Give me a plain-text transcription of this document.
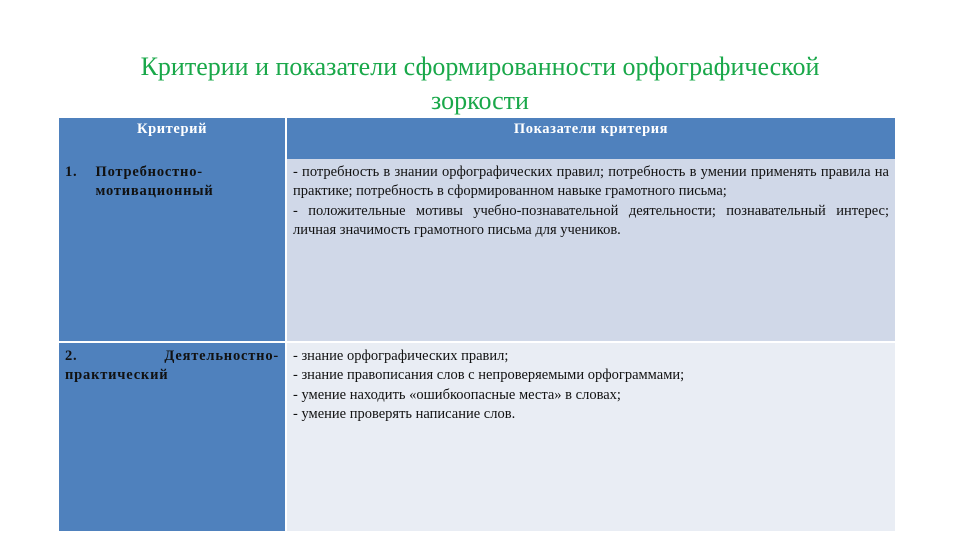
Критерии и показатели сформированности орфографической
зоркости
Критерий	Показатели критерия

1. Потребностно-мотивационный	- потребность в знании орфографических правил; потребность в умении применять правила на практике; потребность в сформированном навыке грамотного письма;
- положительные мотивы учебно-познавательной деятельности; познавательный интерес; личная значимость грамотного письма для учеников.

2. Деятельностно-практический	- знание орфографических правил;
- знание правописания слов с непроверяемыми орфограммами;
- умение находить «ошибкоопасные места» в словах;
- умение проверять написание слов.
